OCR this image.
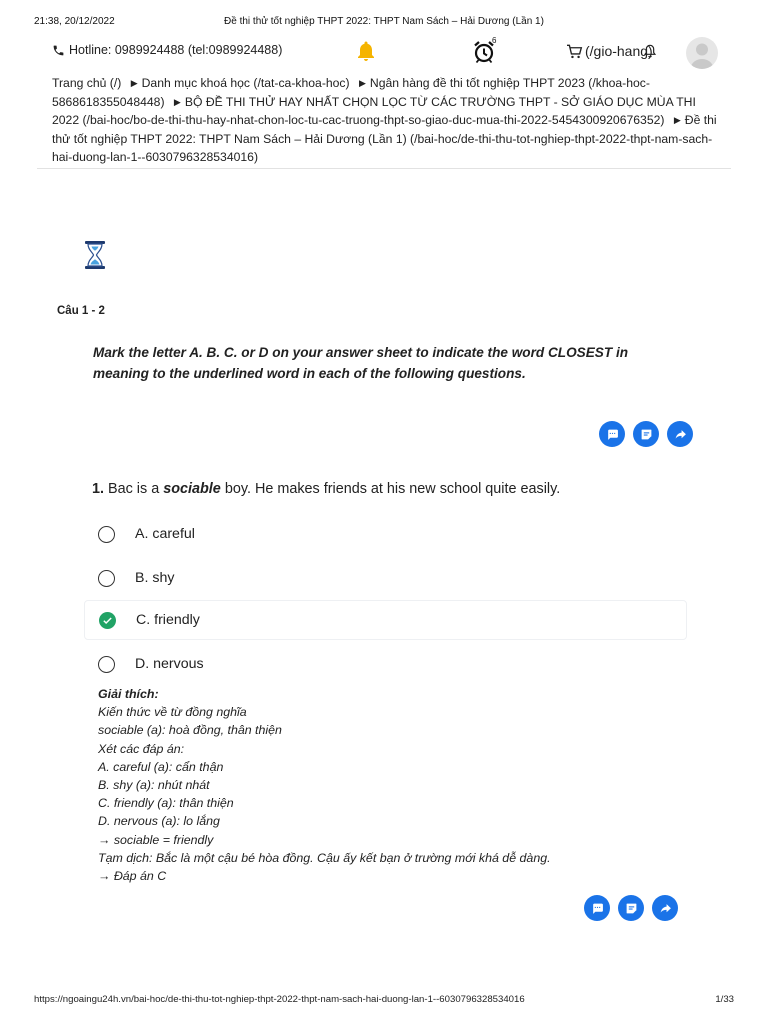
21:38, 20/12/2022	Đề thi thử tốt nghiệp THPT 2022: THPT Nam Sách – Hải Dương (Lần 1)
Hotline: 0989924488 (tel:0989924488)
6
(/gio-hang)
Trang chủ (/) ▶ Danh mục khoá học (/tat-ca-khoa-hoc) ▶ Ngân hàng đề thi tốt nghiệp THPT 2023 (/khoa-hoc-5868618355048448) ▶ BỘ ĐỀ THI THỬ HAY NHẤT CHỌN LỌC TỪ CÁC TRƯỜNG THPT - SỞ GIÁO DỤC MÙA THI 2022 (/bai-hoc/bo-de-thi-thu-hay-nhat-chon-loc-tu-cac-truong-thpt-so-giao-duc-mua-thi-2022-5454300920676352) ▶ Đề thi thử tốt nghiệp THPT 2022: THPT Nam Sách – Hải Dương (Lần 1) (/bai-hoc/de-thi-thu-tot-nghiep-thpt-2022-thpt-nam-sach-hai-duong-lan-1--6030796328534016)
Câu 1 - 2
Mark the letter A. B. C. or D on your answer sheet to indicate the word CLOSEST in meaning to the underlined word in each of the following questions.
1. Bac is a sociable boy. He makes friends at his new school quite easily.
A. careful
B. shy
C. friendly
D. nervous
Giải thích:
Kiến thức về từ đồng nghĩa
sociable (a): hoà đồng, thân thiện
Xét các đáp án:
A. careful (a): cẩn thận
B. shy (a): nhút nhát
C. friendly (a): thân thiện
D. nervous (a): lo lắng
→ sociable = friendly
Tạm dịch: Bắc là một cậu bé hòa đồng. Cậu ấy kết bạn ở trường mới khá dễ dàng.
→ Đáp án C
https://ngoaingu24h.vn/bai-hoc/de-thi-thu-tot-nghiep-thpt-2022-thpt-nam-sach-hai-duong-lan-1--6030796328534016	1/33
